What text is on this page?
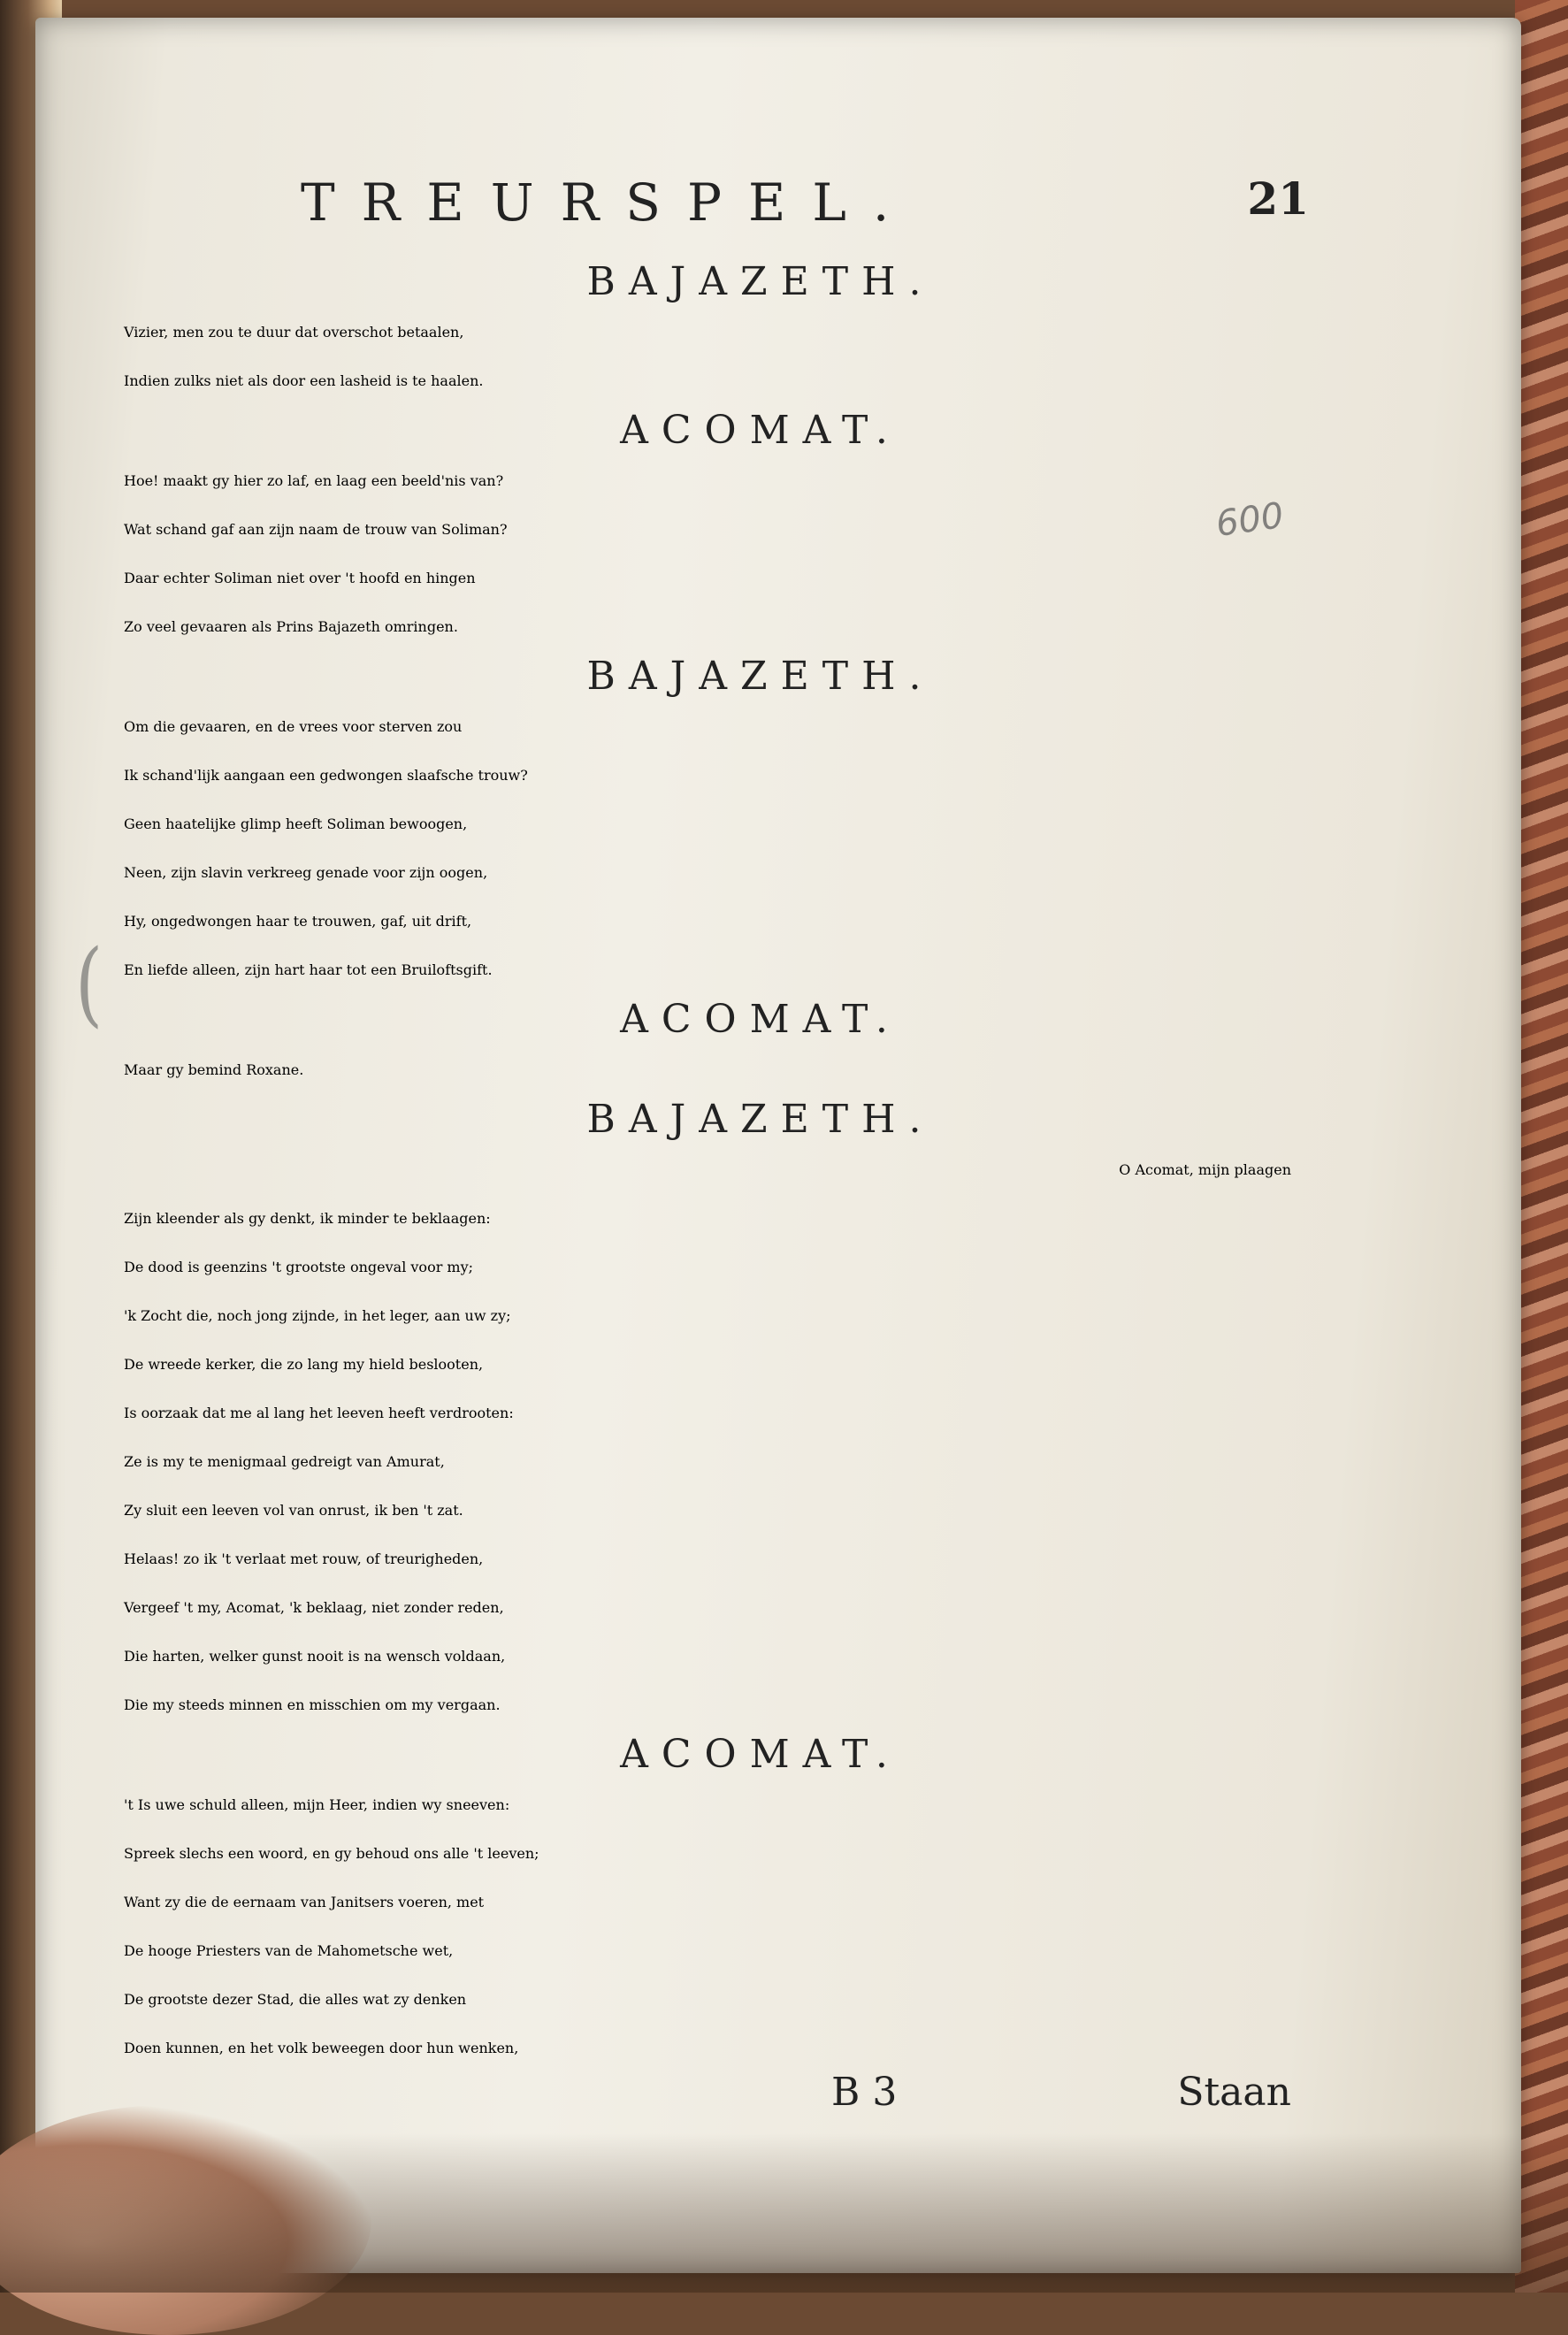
TREURSPEL.	21
600
(
BAJAZETH.
Vizier, men zou te duur dat overschot betaalen,
Indien zulks niet als door een lasheid is te haalen.
ACOMAT.
Hoe! maakt gy hier zo laf, en laag een beeld'nis van?
Wat schand gaf aan zijn naam de trouw van Soliman?
Daar echter Soliman niet over 't hoofd en hingen
Zo veel gevaaren als Prins Bajazeth omringen.
BAJAZETH.
Om die gevaaren, en de vrees voor sterven zou
Ik schand'lijk aangaan een gedwongen slaafsche trouw?
Geen haatelijke glimp heeft Soliman bewoogen,
Neen, zijn slavin verkreeg genade voor zijn oogen,
Hy, ongedwongen haar te trouwen, gaf, uit drift,
En liefde alleen, zijn hart haar tot een Bruiloftsgift.
ACOMAT.
Maar gy bemind Roxane.
BAJAZETH.
O Acomat, mijn plaagen
Zijn kleender als gy denkt, ik minder te beklaagen:
De dood is geenzins 't grootste ongeval voor my;
'k Zocht die, noch jong zijnde, in het leger, aan uw zy;
De wreede kerker, die zo lang my hield beslooten,
Is oorzaak dat me al lang het leeven heeft verdrooten:
Ze is my te menigmaal gedreigt van Amurat,
Zy sluit een leeven vol van onrust, ik ben 't zat.
Helaas! zo ik 't verlaat met rouw, of treurigheden,
Vergeef 't my, Acomat, 'k beklaag, niet zonder reden,
Die harten, welker gunst nooit is na wensch voldaan,
Die my steeds minnen en misschien om my vergaan.
ACOMAT.
't Is uwe schuld alleen, mijn Heer, indien wy sneeven:
Spreek slechs een woord, en gy behoud ons alle 't leeven;
Want zy die de eernaam van Janitsers voeren, met
De hooge Priesters van de Mahometsche wet,
De grootste dezer Stad, die alles wat zy denken
Doen kunnen, en het volk beweegen door hun wenken,
B 3	Staan
